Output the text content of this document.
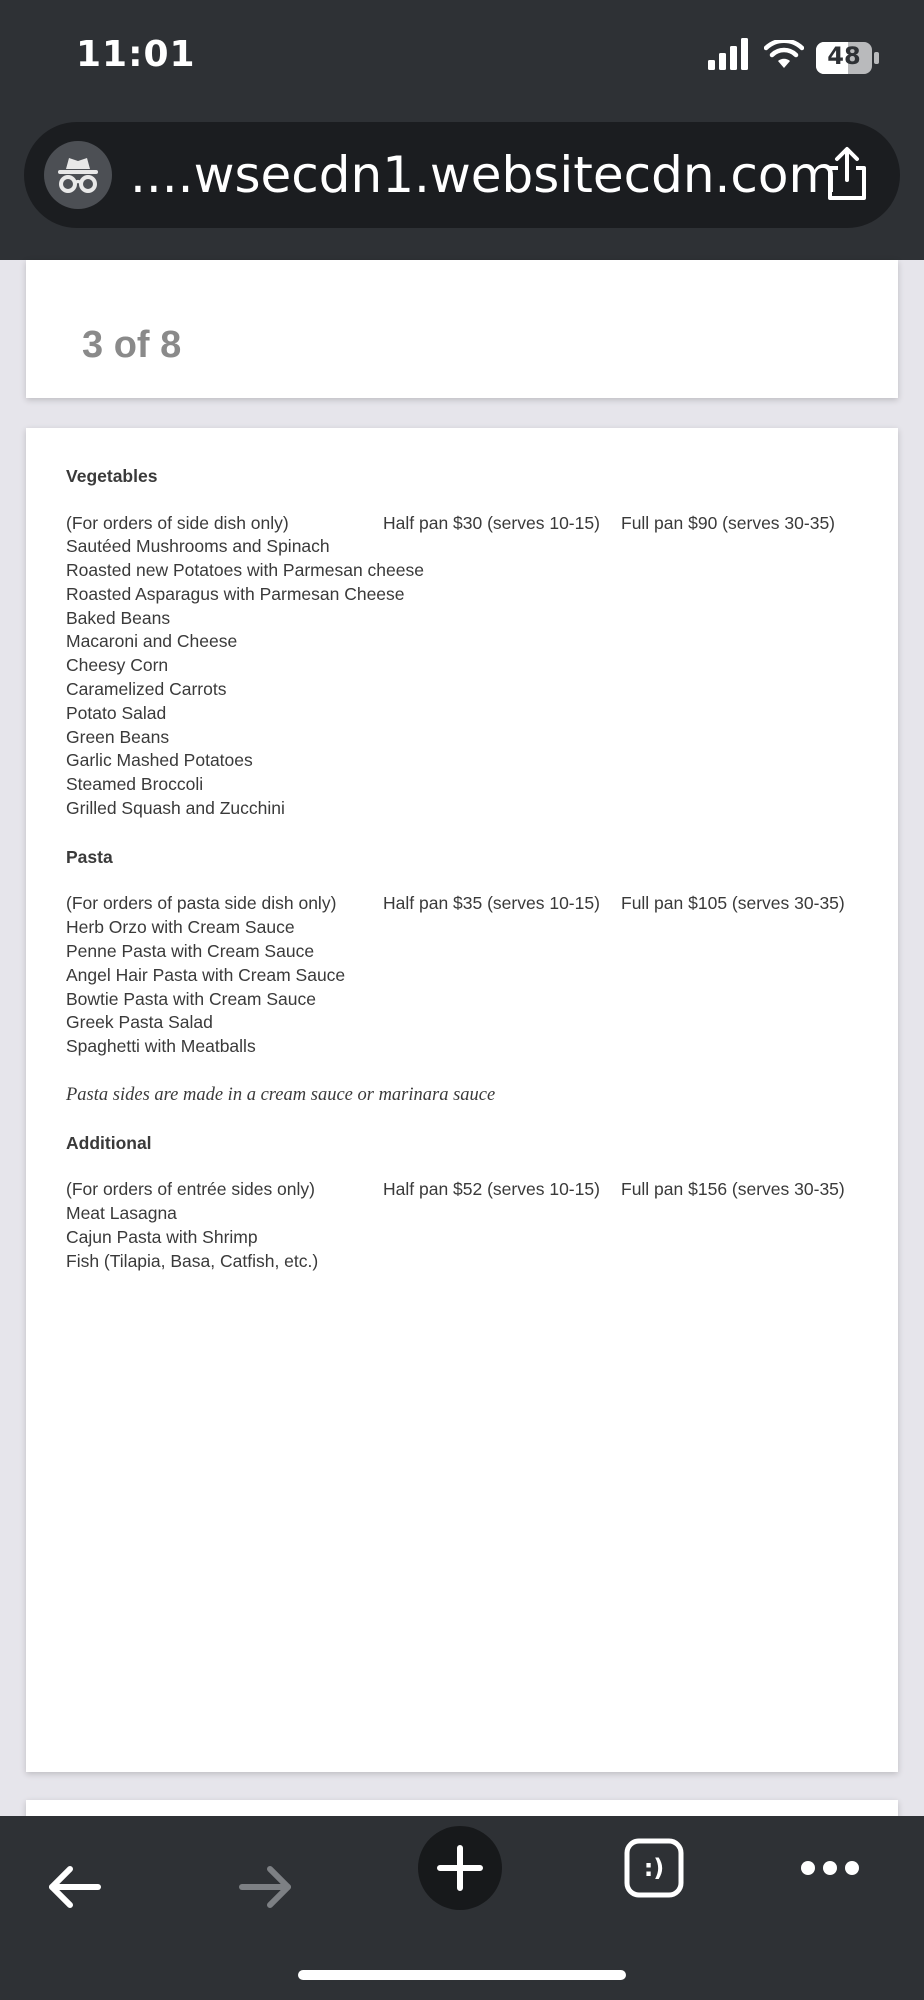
11:01	48
....wsecdn1.websitecdn.com
3 of 8
Vegetables
(For orders of side dish only)	Half pan $30 (serves 10-15) Full pan $90 (serves 30-35)
Sautéed Mushrooms and Spinach
Roasted new Potatoes with Parmesan cheese
Roasted Asparagus with Parmesan Cheese
Baked Beans
Macaroni and Cheese
Cheesy Corn
Caramelized Carrots
Potato Salad
Green Beans
Garlic Mashed Potatoes
Steamed Broccoli
Grilled Squash and Zucchini
Pasta
(For orders of pasta side dish only)	Half pan $35 (serves 10-15) Full pan $105 (serves 30-35)
Herb Orzo with Cream Sauce
Penne Pasta with Cream Sauce
Angel Hair Pasta with Cream Sauce
Bowtie Pasta with Cream Sauce
Greek Pasta Salad
Spaghetti with Meatballs
Pasta sides are made in a cream sauce or marinara sauce
Additional
(For orders of entrée sides only)	Half pan $52 (serves 10-15) Full pan $156 (serves 30-35)
Meat Lasagna
Cajun Pasta with Shrimp
Fish (Tilapia, Basa, Catfish, etc.)
:)
